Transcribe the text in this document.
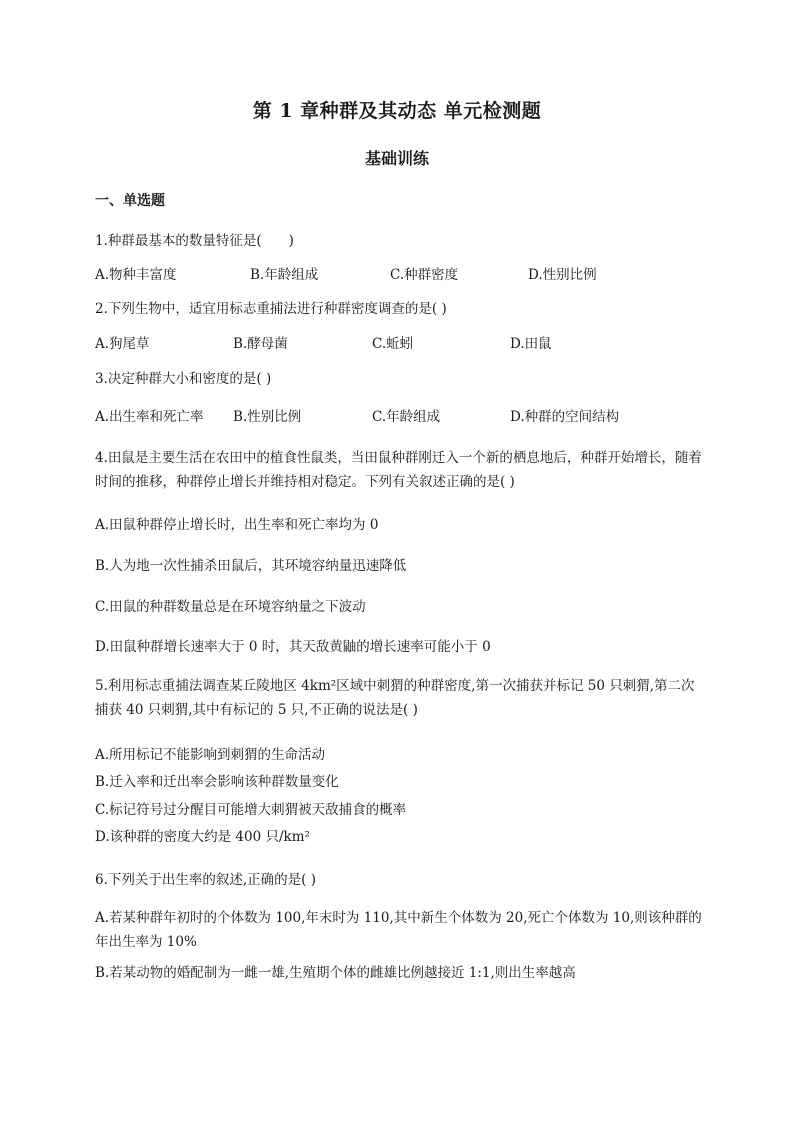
第 1 章种群及其动态 单元检测题
基础训练
一、单选题
1.种群最基本的数量特征是(　　)
A.物种丰富度	B.年龄组成	C.种群密度	D.性别比例
2.下列生物中，适宜用标志重捕法进行种群密度调查的是( )
A.狗尾草	B.酵母菌	C.蚯蚓	D.田鼠
3.决定种群大小和密度的是( )
A.出生率和死亡率 B.性别比例	C.年龄组成	D.种群的空间结构
4.田鼠是主要生活在农田中的植食性鼠类，当田鼠种群刚迁入一个新的栖息地后，种群开始增长，随着时间的推移，种群停止增长并维持相对稳定。下列有关叙述正确的是( )
A.田鼠种群停止增长时，出生率和死亡率均为 0
B.人为地一次性捕杀田鼠后，其环境容纳量迅速降低
C.田鼠的种群数量总是在环境容纳量之下波动
D.田鼠种群增长速率大于 0 时，其天敌黄鼬的增长速率可能小于 0
5.利用标志重捕法调查某丘陵地区 4km²区域中刺猬的种群密度,第一次捕获并标记 50 只刺猬,第二次捕获 40 只刺猬,其中有标记的 5 只,不正确的说法是( )
A.所用标记不能影响到刺猬的生命活动
B.迁入率和迁出率会影响该种群数量变化
C.标记符号过分醒目可能增大刺猬被天敌捕食的概率
D.该种群的密度大约是 400 只/km²
6.下列关于出生率的叙述,正确的是( )
A.若某种群年初时的个体数为 100,年末时为 110,其中新生个体数为 20,死亡个体数为 10,则该种群的年出生率为 10%
B.若某动物的婚配制为一雌一雄,生殖期个体的雌雄比例越接近 1:1,则出生率越高
